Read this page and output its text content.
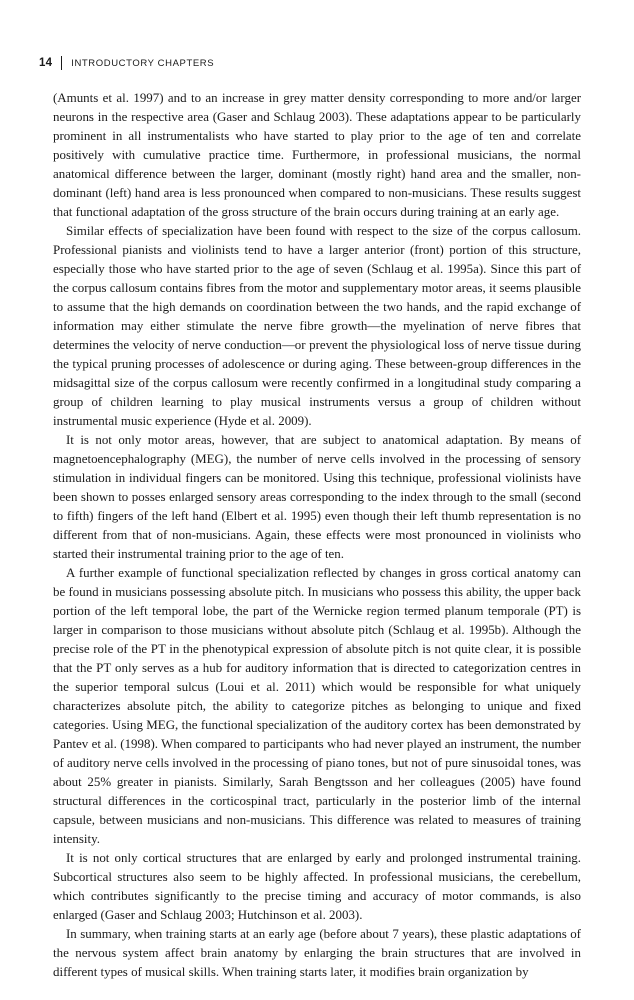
14 INTRODUCTORY CHAPTERS

(Amunts et al. 1997) and to an increase in grey matter density corresponding to more and/or larger neurons in the respective area (Gaser and Schlaug 2003). These adaptations appear to be particularly prominent in all instrumentalists who have started to play prior to the age of ten and correlate positively with cumulative practice time. Furthermore, in professional musicians, the normal anatomical difference between the larger, dominant (mostly right) hand area and the smaller, non-dominant (left) hand area is less pronounced when compared to non-musicians. These results suggest that functional adaptation of the gross structure of the brain occurs during training at an early age.

Similar effects of specialization have been found with respect to the size of the corpus callosum. Professional pianists and violinists tend to have a larger anterior (front) portion of this structure, especially those who have started prior to the age of seven (Schlaug et al. 1995a). Since this part of the corpus callosum contains fibres from the motor and supplementary motor areas, it seems plausible to assume that the high demands on coordination between the two hands, and the rapid exchange of information may either stimulate the nerve fibre growth—the myelination of nerve fibres that determines the velocity of nerve conduction—or prevent the physiological loss of nerve tissue during the typical pruning processes of adolescence or during aging. These between-group differences in the midsagittal size of the corpus callosum were recently confirmed in a longitudinal study comparing a group of children learning to play musical instruments versus a group of children without instrumental music experience (Hyde et al. 2009).

It is not only motor areas, however, that are subject to anatomical adaptation. By means of magnetoencephalography (MEG), the number of nerve cells involved in the processing of sensory stimulation in individual fingers can be monitored. Using this technique, professional violinists have been shown to posses enlarged sensory areas corresponding to the index through to the small (second to fifth) fingers of the left hand (Elbert et al. 1995) even though their left thumb representation is no different from that of non-musicians. Again, these effects were most pronounced in violinists who started their instrumental training prior to the age of ten.

A further example of functional specialization reflected by changes in gross cortical anatomy can be found in musicians possessing absolute pitch. In musicians who possess this ability, the upper back portion of the left temporal lobe, the part of the Wernicke region termed planum temporale (PT) is larger in comparison to those musicians without absolute pitch (Schlaug et al. 1995b). Although the precise role of the PT in the phenotypical expression of absolute pitch is not quite clear, it is possible that the PT only serves as a hub for auditory information that is directed to categorization centres in the superior temporal sulcus (Loui et al. 2011) which would be responsible for what uniquely characterizes absolute pitch, the ability to categorize pitches as belonging to unique and fixed categories. Using MEG, the functional specialization of the auditory cortex has been demonstrated by Pantev et al. (1998). When compared to participants who had never played an instrument, the number of auditory nerve cells involved in the processing of piano tones, but not of pure sinusoidal tones, was about 25% greater in pianists. Similarly, Sarah Bengtsson and her colleagues (2005) have found structural differences in the corticospinal tract, particularly in the posterior limb of the internal capsule, between musicians and non-musicians. This difference was related to measures of training intensity.

It is not only cortical structures that are enlarged by early and prolonged instrumental training. Subcortical structures also seem to be highly affected. In professional musicians, the cerebellum, which contributes significantly to the precise timing and accuracy of motor commands, is also enlarged (Gaser and Schlaug 2003; Hutchinson et al. 2003).

In summary, when training starts at an early age (before about 7 years), these plastic adaptations of the nervous system affect brain anatomy by enlarging the brain structures that are involved in different types of musical skills. When training starts later, it modifies brain organization by
